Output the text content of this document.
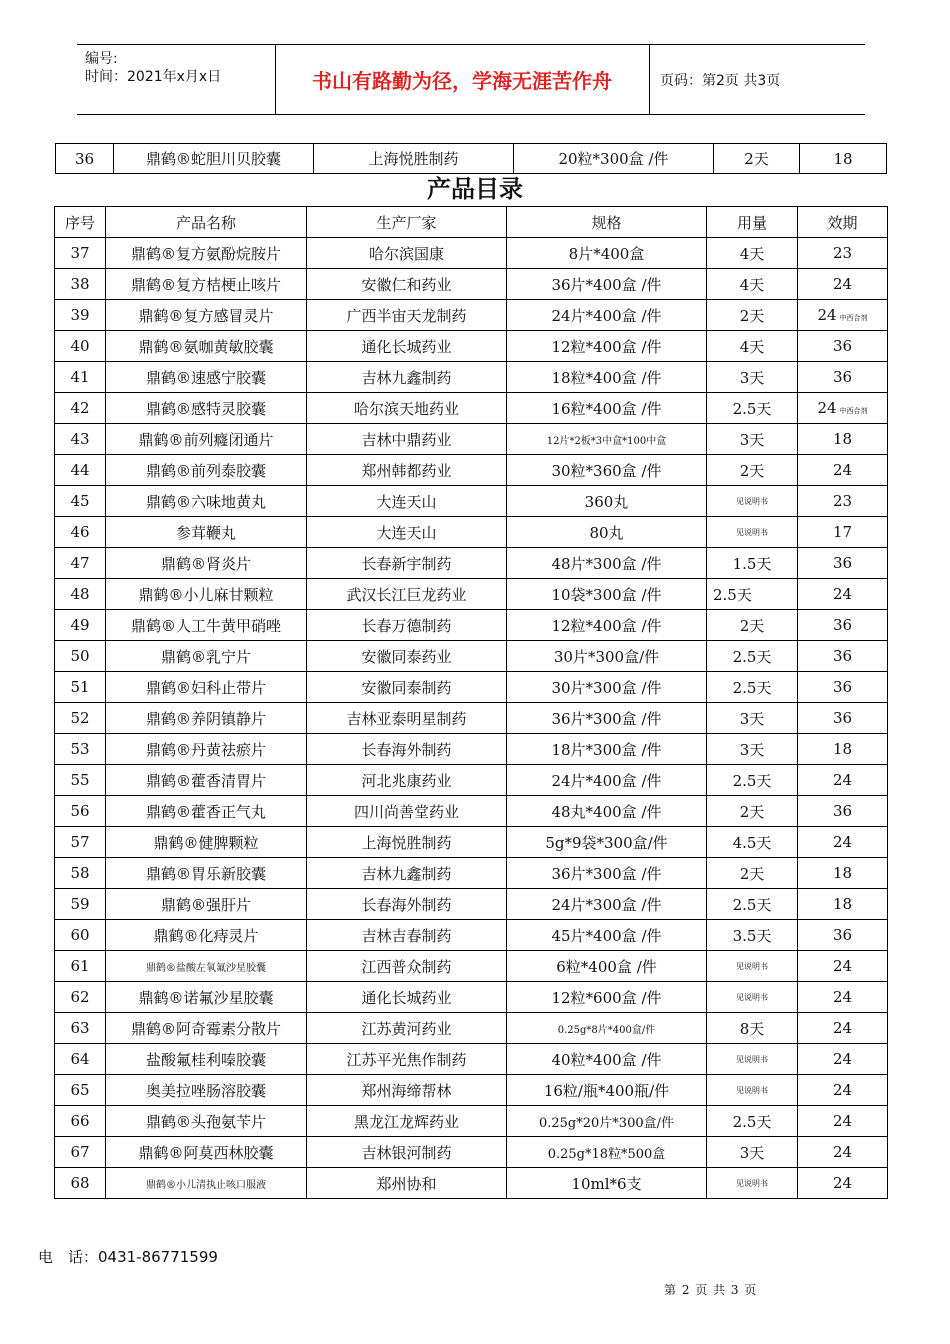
编号:
时间：2021年x月x日	书山有路勤为径，学海无涯苦作舟	页码：第2页 共3页
36	鼎鹤®蛇胆川贝胶囊	上海悦胜制药	20粒*300盒 /件	2天	18
产品目录
序号	产品名称	生产厂家	规格	用量	效期
37	鼎鹤®复方氨酚烷胺片	哈尔滨国康	8片*400盒	4天	23
38	鼎鹤®复方桔梗止咳片	安徽仁和药业	36片*400盒 /件	4天	24
39	鼎鹤®复方感冒灵片	广西半宙天龙制药	24片*400盒 /件	2天	24 中西合剂
40	鼎鹤®氨咖黄敏胶囊	通化长城药业	12粒*400盒 /件	4天	36
41	鼎鹤®速感宁胶囊	吉林九鑫制药	18粒*400盒 /件	3天	36
42	鼎鹤®感特灵胶囊	哈尔滨天地药业	16粒*400盒 /件	2.5天	24 中西合剂
43	鼎鹤®前列癃闭通片	吉林中鼎药业	12片*2板*3中盒*100中盒	3天	18
44	鼎鹤®前列泰胶囊	郑州韩都药业	30粒*360盒 /件	2天	24
45	鼎鹤®六味地黄丸	大连天山	360丸	见说明书	23
46	参茸鞭丸	大连天山	80丸	见说明书	17
47	鼎鹤®肾炎片	长春新宇制药	48片*300盒 /件	1.5天	36
48	鼎鹤®小儿麻甘颗粒	武汉长江巨龙药业	10袋*300盒 /件	2.5天	24
49	鼎鹤®人工牛黄甲硝唑	长春万德制药	12粒*400盒 /件	2天	36
50	鼎鹤®乳宁片	安徽同泰药业	30片*300盒/件	2.5天	36
51	鼎鹤®妇科止带片	安徽同泰制药	30片*300盒 /件	2.5天	36
52	鼎鹤®养阴镇静片	吉林亚泰明星制药	36片*300盒 /件	3天	36
53	鼎鹤®丹黄祛瘀片	长春海外制药	18片*300盒 /件	3天	18
55	鼎鹤®藿香清胃片	河北兆康药业	24片*400盒 /件	2.5天	24
56	鼎鹤®藿香正气丸	四川尚善堂药业	48丸*400盒 /件	2天	36
57	鼎鹤®健脾颗粒	上海悦胜制药	5g*9袋*300盒/件	4.5天	24
58	鼎鹤®胃乐新胶囊	吉林九鑫制药	36片*300盒 /件	2天	18
59	鼎鹤®强肝片	长春海外制药	24片*300盒 /件	2.5天	18
60	鼎鹤®化痔灵片	吉林吉春制药	45片*400盒 /件	3.5天	36
61	鼎鹤®盐酸左氧氟沙星胶囊	江西普众制药	6粒*400盒 /件	见说明书	24
62	鼎鹤®诺氟沙星胶囊	通化长城药业	12粒*600盒 /件	见说明书	24
63	鼎鹤®阿奇霉素分散片	江苏黄河药业	0.25g*8片*400盒/件	8天	24
64	盐酸氟桂利嗪胶囊	江苏平光焦作制药	40粒*400盒 /件	见说明书	24
65	奥美拉唑肠溶胶囊	郑州海缔帮林	16粒/瓶*400瓶/件	见说明书	24
66	鼎鹤®头孢氨苄片	黑龙江龙辉药业	0.25g*20片*300盒/件	2.5天	24
67	鼎鹤®阿莫西林胶囊	吉林银河制药	0.25g*18粒*500盒	3天	24
68	鼎鹤®小儿清执止咳口服液	郑州协和	10ml*6支	见说明书	24
电　话：0431-86771599
第 2 页 共 3 页
